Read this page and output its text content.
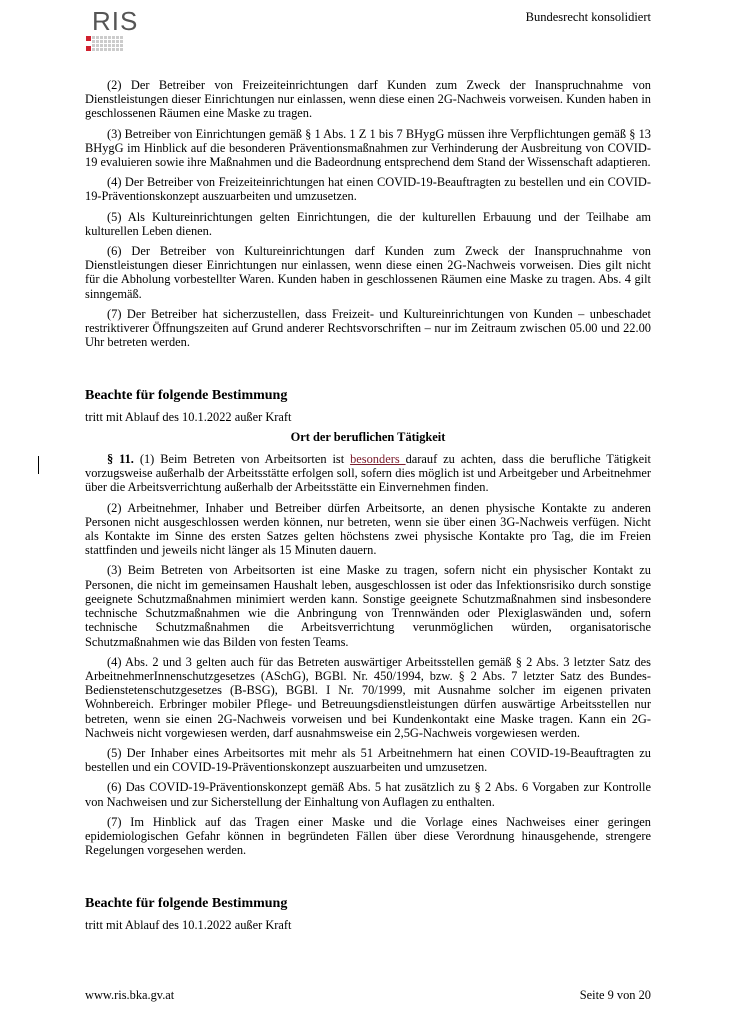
RIS	Bundesrecht konsolidiert

(2) Der Betreiber von Freizeiteinrichtungen darf Kunden zum Zweck der Inanspruchnahme von Dienstleistungen dieser Einrichtungen nur einlassen, wenn diese einen 2G-Nachweis vorweisen. Kunden haben in geschlossenen Räumen eine Maske zu tragen.

(3) Betreiber von Einrichtungen gemäß § 1 Abs. 1 Z 1 bis 7 BHygG müssen ihre Verpflichtungen gemäß § 13 BHygG im Hinblick auf die besonderen Präventionsmaßnahmen zur Verhinderung der Ausbreitung von COVID-19 evaluieren sowie ihre Maßnahmen und die Badeordnung entsprechend dem Stand der Wissenschaft adaptieren.

(4) Der Betreiber von Freizeiteinrichtungen hat einen COVID-19-Beauftragten zu bestellen und ein COVID-19-Präventionskonzept auszuarbeiten und umzusetzen.

(5) Als Kultureinrichtungen gelten Einrichtungen, die der kulturellen Erbauung und der Teilhabe am kulturellen Leben dienen.

(6) Der Betreiber von Kultureinrichtungen darf Kunden zum Zweck der Inanspruchnahme von Dienstleistungen dieser Einrichtungen nur einlassen, wenn diese einen 2G-Nachweis vorweisen. Dies gilt nicht für die Abholung vorbestellter Waren. Kunden haben in geschlossenen Räumen eine Maske zu tragen. Abs. 4 gilt sinngemäß.

(7) Der Betreiber hat sicherzustellen, dass Freizeit- und Kultureinrichtungen von Kunden – unbeschadet restriktiverer Öffnungszeiten auf Grund anderer Rechtsvorschriften – nur im Zeitraum zwischen 05.00 und 22.00 Uhr betreten werden.

Beachte für folgende Bestimmung
tritt mit Ablauf des 10.1.2022 außer Kraft
Ort der beruflichen Tätigkeit

§ 11. (1) Beim Betreten von Arbeitsorten ist besonders darauf zu achten, dass die berufliche Tätigkeit vorzugsweise außerhalb der Arbeitsstätte erfolgen soll, sofern dies möglich ist und Arbeitgeber und Arbeitnehmer über die Arbeitsverrichtung außerhalb der Arbeitsstätte ein Einvernehmen finden.

(2) Arbeitnehmer, Inhaber und Betreiber dürfen Arbeitsorte, an denen physische Kontakte zu anderen Personen nicht ausgeschlossen werden können, nur betreten, wenn sie über einen 3G-Nachweis verfügen. Nicht als Kontakte im Sinne des ersten Satzes gelten höchstens zwei physische Kontakte pro Tag, die im Freien stattfinden und jeweils nicht länger als 15 Minuten dauern.

(3) Beim Betreten von Arbeitsorten ist eine Maske zu tragen, sofern nicht ein physischer Kontakt zu Personen, die nicht im gemeinsamen Haushalt leben, ausgeschlossen ist oder das Infektionsrisiko durch sonstige geeignete Schutzmaßnahmen minimiert werden kann. Sonstige geeignete Schutzmaßnahmen sind insbesondere technische Schutzmaßnahmen wie die Anbringung von Trennwänden oder Plexiglaswänden und, sofern technische Schutzmaßnahmen die Arbeitsverrichtung verunmöglichen würden, organisatorische Schutzmaßnahmen wie das Bilden von festen Teams.

(4) Abs. 2 und 3 gelten auch für das Betreten auswärtiger Arbeitsstellen gemäß § 2 Abs. 3 letzter Satz des ArbeitnehmerInnenschutzgesetzes (ASchG), BGBl. Nr. 450/1994, bzw. § 2 Abs. 7 letzter Satz des Bundes-Bedienstetenschutzgesetzes (B-BSG), BGBl. I Nr. 70/1999, mit Ausnahme solcher im eigenen privaten Wohnbereich. Erbringer mobiler Pflege- und Betreuungsdienstleistungen dürfen auswärtige Arbeitsstellen nur betreten, wenn sie einen 2G-Nachweis vorweisen und bei Kundenkontakt eine Maske tragen. Kann ein 2G-Nachweis nicht vorgewiesen werden, darf ausnahmsweise ein 2,5G-Nachweis vorgewiesen werden.

(5) Der Inhaber eines Arbeitsortes mit mehr als 51 Arbeitnehmern hat einen COVID-19-Beauftragten zu bestellen und ein COVID-19-Präventionskonzept auszuarbeiten und umzusetzen.

(6) Das COVID-19-Präventionskonzept gemäß Abs. 5 hat zusätzlich zu § 2 Abs. 6 Vorgaben zur Kontrolle von Nachweisen und zur Sicherstellung der Einhaltung von Auflagen zu enthalten.

(7) Im Hinblick auf das Tragen einer Maske und die Vorlage eines Nachweises einer geringen epidemiologischen Gefahr können in begründeten Fällen über diese Verordnung hinausgehende, strengere Regelungen vorgesehen werden.

Beachte für folgende Bestimmung
tritt mit Ablauf des 10.1.2022 außer Kraft
www.ris.bka.gv.at	Seite 9 von 20
